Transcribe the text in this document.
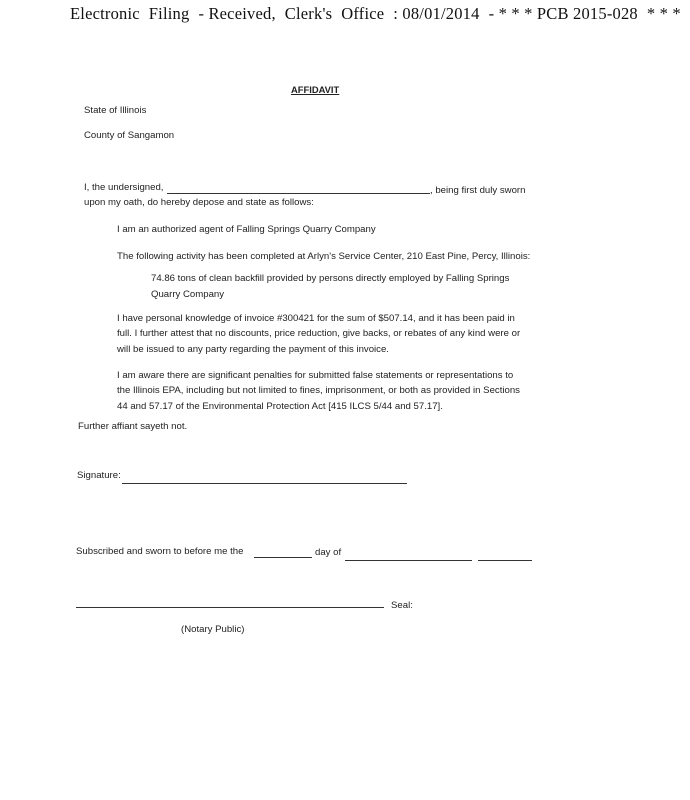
Electronic Filing - Received, Clerk's Office : 08/01/2014 - * * * PCB 2015-028 * * *
AFFIDAVIT
State of Illinois
County of Sangamon
I, the undersigned,	, being first duly sworn
upon my oath, do hereby depose and state as follows:
I am an authorized agent of Falling Springs Quarry Company
The following activity has been completed at Arlyn's Service Center, 210 East Pine, Percy, Illinois:
74.86 tons of clean backfill provided by persons directly employed by Falling Springs
Quarry Company
I have personal knowledge of invoice #300421 for the sum of $507.14, and it has been paid in
full. I further attest that no discounts, price reduction, give backs, or rebates of any kind were or
will be issued to any party regarding the payment of this invoice.
I am aware there are significant penalties for submitted false statements or representations to
the Illinois EPA, including but not limited to fines, imprisonment, or both as provided in Sections
44 and 57.17 of the Environmental Protection Act [415 ILCS 5/44 and 57.17].
Further affiant sayeth not.
Signature:
Subscribed and sworn to before me the	day of
Seal:
(Notary Public)
